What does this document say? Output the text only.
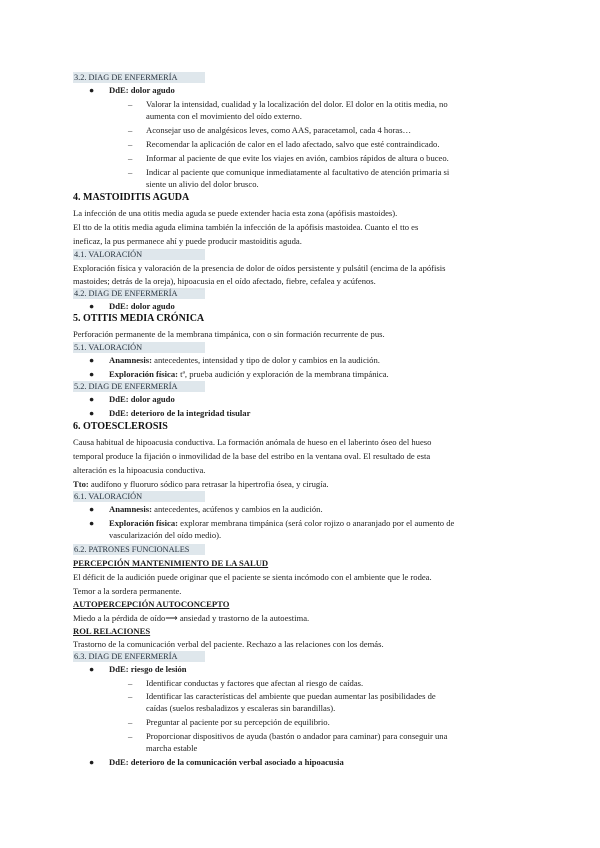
3.2. DIAG DE ENFERMERÍA
● DdE: dolor agudo
– Valorar la intensidad, cualidad y la localización del dolor. El dolor en la otitis media, no
aumenta con el movimiento del oído externo.
– Aconsejar uso de analgésicos leves, como AAS, paracetamol, cada 4 horas…
– Recomendar la aplicación de calor en el lado afectado, salvo que esté contraindicado.
– Informar al paciente de que evite los viajes en avión, cambios rápidos de altura o buceo.
– Indicar al paciente que comunique inmediatamente al facultativo de atención primaria si
siente un alivio del dolor brusco.
4. MASTOIDITIS AGUDA
La infección de una otitis media aguda se puede extender hacia esta zona (apófisis mastoides).
El tto de la otitis media aguda elimina también la infección de la apófisis mastoidea. Cuanto el tto es
ineficaz, la pus permanece ahí y puede producir mastoiditis aguda.
4.1. VALORACIÓN
Exploración física y valoración de la presencia de dolor de oídos persistente y pulsátil (encima de la apófisis
mastoides; detrás de la oreja), hipoacusia en el oído afectado, fiebre, cefalea y acúfenos.
4.2. DIAG DE ENFERMERÍA
● DdE: dolor agudo
5. OTITIS MEDIA CRÓNICA
Perforación permanente de la membrana timpánica, con o sin formación recurrente de pus.
5.1. VALORACIÓN
● Anamnesis: antecedentes, intensidad y tipo de dolor y cambios en la audición.
● Exploración física: tª, prueba audición y exploración de la membrana timpánica.
5.2. DIAG DE ENFERMERÍA
● DdE: dolor agudo
● DdE: deterioro de la integridad tisular
6. OTOESCLEROSIS
Causa habitual de hipoacusia conductiva. La formación anómala de hueso en el laberinto óseo del hueso
temporal produce la fijación o inmovilidad de la base del estribo en la ventana oval. El resultado de esta
alteración es la hipoacusia conductiva.
Tto: audífono y fluoruro sódico para retrasar la hipertrofia ósea, y cirugía.
6.1. VALORACIÓN
● Anamnesis: antecedentes, acúfenos y cambios en la audición.
● Exploración física: explorar membrana timpánica (será color rojizo o anaranjado por el aumento de
vascularización del oído medio).
6.2. PATRONES FUNCIONALES
PERCEPCIÓN MANTENIMIENTO DE LA SALUD
El déficit de la audición puede originar que el paciente se sienta incómodo con el ambiente que le rodea.
Temor a la sordera permanente.
AUTOPERCEPCIÓN AUTOCONCEPTO
Miedo a la pérdida de oído⟶ ansiedad y trastorno de la autoestima.
ROL RELACIONES
Trastorno de la comunicación verbal del paciente. Rechazo a las relaciones con los demás.
6.3. DIAG DE ENFERMERÍA
● DdE: riesgo de lesión
– Identificar conductas y factores que afectan al riesgo de caídas.
– Identificar las características del ambiente que puedan aumentar las posibilidades de
caídas (suelos resbaladizos y escaleras sin barandillas).
– Preguntar al paciente por su percepción de equilibrio.
– Proporcionar dispositivos de ayuda (bastón o andador para caminar) para conseguir una
marcha estable
● DdE: deterioro de la comunicación verbal asociado a hipoacusia
